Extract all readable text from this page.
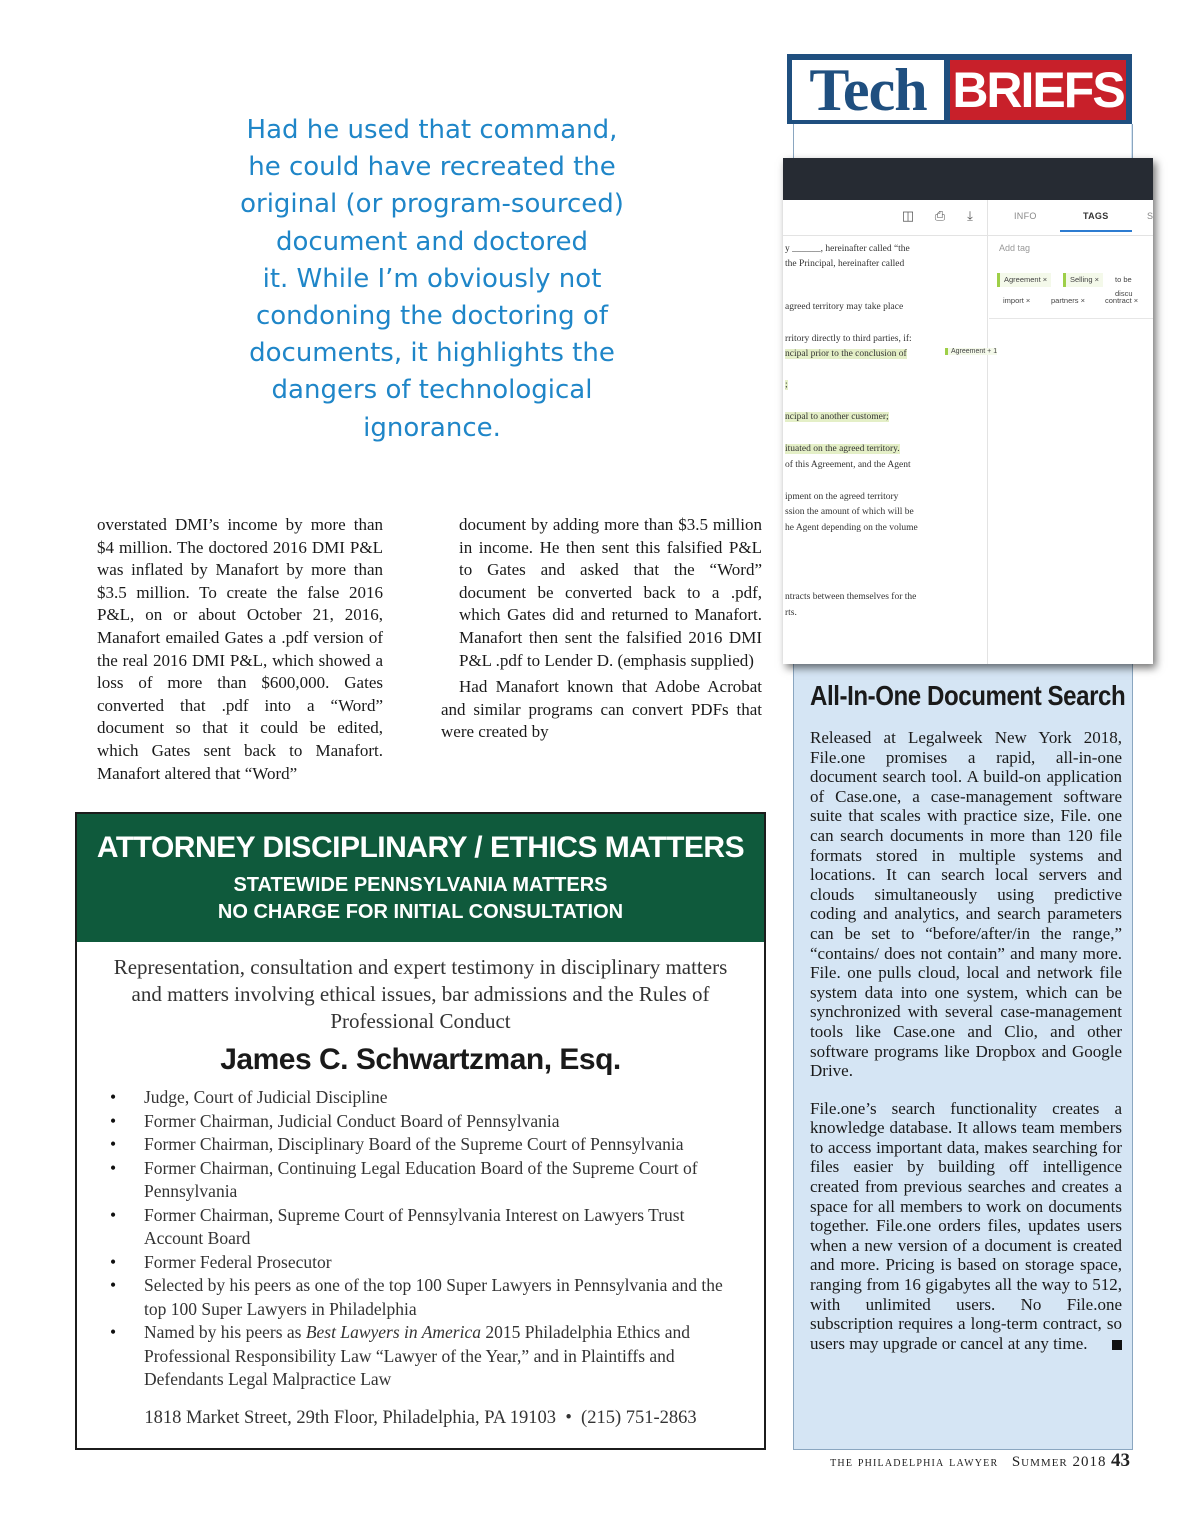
Had he used that command,
he could have recreated the
original (or program-sourced)
document and doctored
it. While I’m obviously not
condoning the doctoring of
documents, it highlights the
dangers of technological
ignorance.

overstated DMI’s income by more than $4 million. The doctored 2016 DMI P&L was inflated by Manafort by more than $3.5 million. To create the false 2016 P&L, on or about October 21, 2016, Manafort emailed Gates a .pdf version of the real 2016 DMI P&L, which showed a loss of more than $600,000. Gates converted that .pdf into a “Word” document so that it could be edited, which Gates sent back to Manafort. Manafort altered that “Word”

document by adding more than $3.5 million in income. He then sent this falsified P&L to Gates and asked that the “Word” document be converted back to a .pdf, which Gates did and returned to Manafort. Manafort then sent the falsified 2016 DMI P&L .pdf to Lender D. (emphasis supplied)

Had Manafort known that Adobe Acrobat and similar programs can convert PDFs that were created by

Tech BRIEFS
◫ ⎙	⤓	INFO	TAGS	S
Add tag
Agreement ×	Selling ×	to be discu
import ×	partners ×	contract ×
Agreement + 1
y ______, hereinafter called “the
the Principal, hereinafter called
agreed territory may take place
rritory directly to third parties, if:
ncipal prior to the conclusion of
;
ncipal to another customer;
ituated on the agreed territory.
of this Agreement, and the Agent
ipment on the agreed territory
ssion the amount of which will be
he Agent depending on the volume
ntracts between themselves for the
rts.
All-In-One Document Search

Released at Legalweek New York 2018, File.one promises a rapid, all-in-one document search tool. A build-on application of Case.one, a case-management software suite that scales with practice size, File. one can search documents in more than 120 file formats stored in multiple systems and locations. It can search local servers and clouds simultaneously using predictive coding and analytics, and search parameters can be set to “before/after/in the range,” “contains/ does not contain” and many more. File. one pulls cloud, local and network file system data into one system, which can be synchronized with several case-management tools like Case.one and Clio, and other software programs like Dropbox and Google Drive.

File.one’s search functionality creates a knowledge database. It allows team members to access important data, makes searching for files easier by building off intelligence created from previous searches and creates a space for all members to work on documents together. File.one orders files, updates users when a new version of a document is created and more. Pricing is based on storage space, ranging from 16 gigabytes all the way to 512, with unlimited users. No File.one subscription requires a long-term contract, so users may upgrade or cancel at any time.

ATTORNEY DISCIPLINARY / ETHICS MATTERS
STATEWIDE PENNSYLVANIA MATTERS
NO CHARGE FOR INITIAL CONSULTATION
Representation, consultation and expert testimony in disciplinary matters and matters involving ethical issues, bar admissions and the Rules of Professional Conduct
James C. Schwartzman, Esq.
• Judge, Court of Judicial Discipline
• Former Chairman, Judicial Conduct Board of Pennsylvania
• Former Chairman, Disciplinary Board of the Supreme Court of Pennsylvania
• Former Chairman, Continuing Legal Education Board of the Supreme Court of Pennsylvania
• Former Chairman, Supreme Court of Pennsylvania Interest on Lawyers Trust Account Board
• Former Federal Prosecutor
• Selected by his peers as one of the top 100 Super Lawyers in Pennsylvania and the top 100 Super Lawyers in Philadelphia
• Named by his peers as Best Lawyers in America 2015 Philadelphia Ethics and Professional Responsibility Law “Lawyer of the Year,” and in Plaintiffs and Defendants Legal Malpractice Law
1818 Market Street, 29th Floor, Philadelphia, PA 19103 • (215) 751-2863
the philadelphia lawyer Summer 2018 43
